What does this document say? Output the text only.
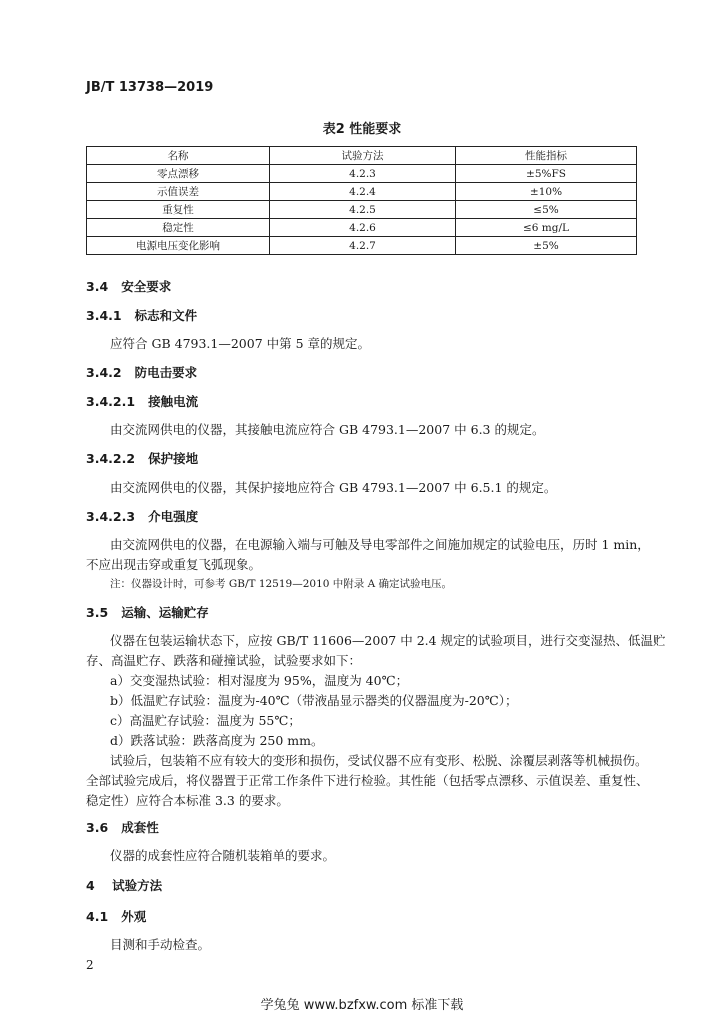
JB/T 13738—2019
表2 性能要求
名称	试验方法	性能指标
零点漂移	4.2.3	±5%FS
示值误差	4.2.4	±10%
重复性	4.2.5	≤5%
稳定性	4.2.6	≤6 mg/L
电源电压变化影响	4.2.7	±5%
3.4 安全要求
3.4.1 标志和文件
应符合 GB 4793.1—2007 中第 5 章的规定。
3.4.2 防电击要求
3.4.2.1 接触电流
由交流网供电的仪器，其接触电流应符合 GB 4793.1—2007 中 6.3 的规定。
3.4.2.2 保护接地
由交流网供电的仪器，其保护接地应符合 GB 4793.1—2007 中 6.5.1 的规定。
3.4.2.3 介电强度
由交流网供电的仪器，在电源输入端与可触及导电零部件之间施加规定的试验电压，历时 1 min，
不应出现击穿或重复飞弧现象。
注：仪器设计时，可参考 GB/T 12519—2010 中附录 A 确定试验电压。
3.5 运输、运输贮存
仪器在包装运输状态下，应按 GB/T 11606—2007 中 2.4 规定的试验项目，进行交变湿热、低温贮
存、高温贮存、跌落和碰撞试验，试验要求如下：
a）交变湿热试验：相对湿度为 95%，温度为 40℃；
b）低温贮存试验：温度为-40℃（带液晶显示器类的仪器温度为-20℃）；
c）高温贮存试验：温度为 55℃；
d）跌落试验：跌落高度为 250 mm。
试验后，包装箱不应有较大的变形和损伤，受试仪器不应有变形、松脱、涂覆层剥落等机械损伤。
全部试验完成后，将仪器置于正常工作条件下进行检验。其性能（包括零点漂移、示值误差、重复性、
稳定性）应符合本标准 3.3 的要求。
3.6 成套性
仪器的成套性应符合随机装箱单的要求。
4 试验方法
4.1 外观
目测和手动检查。
2
学兔兔 www.bzfxw.com 标准下载
